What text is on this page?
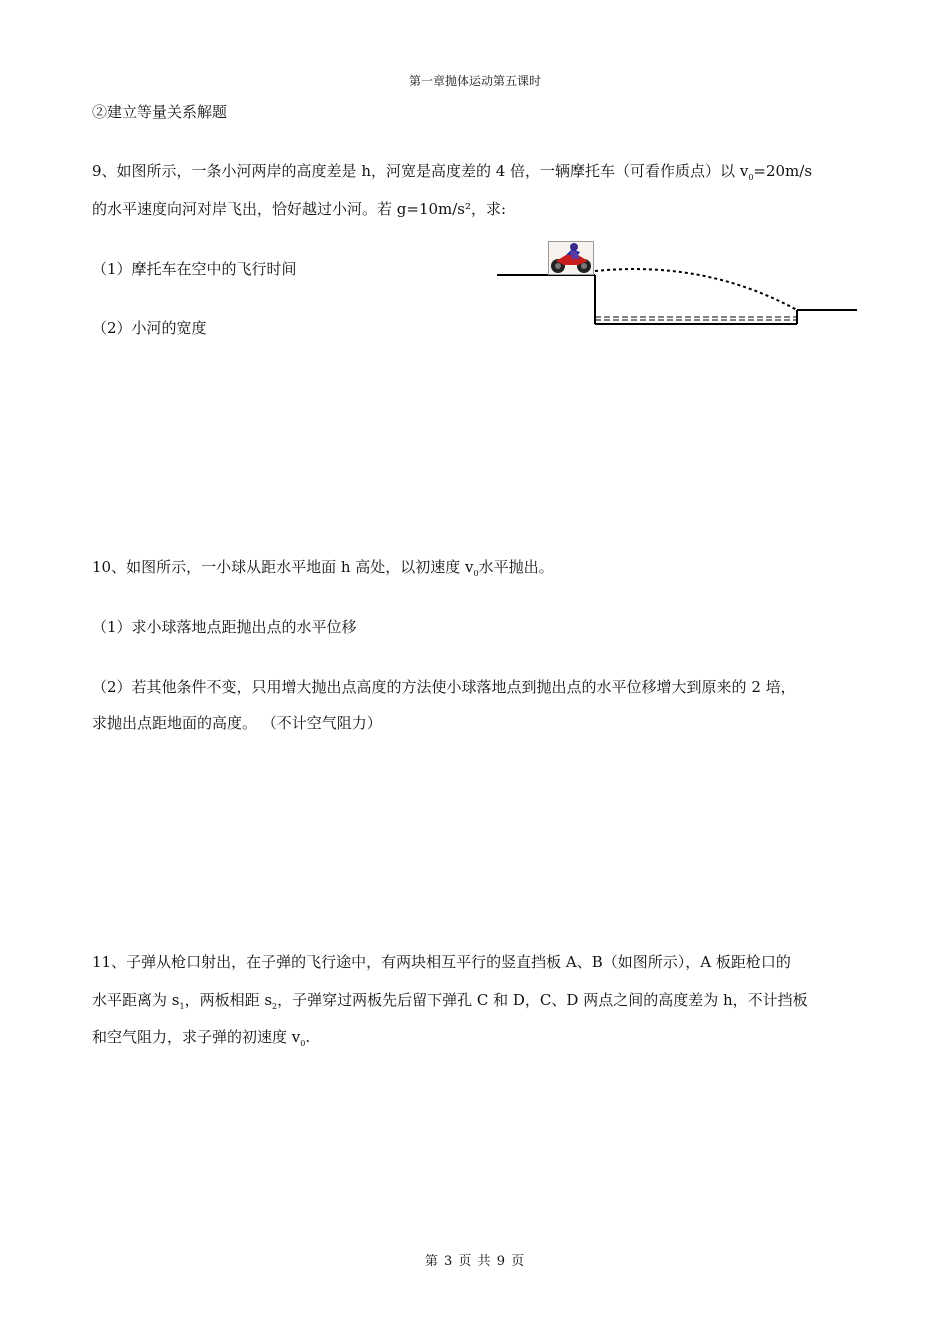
第一章抛体运动第五课时
②建立等量关系解题
9、如图所示，一条小河两岸的高度差是 h，河宽是高度差的 4 倍，一辆摩托车（可看作质点）以 $v_0=20m/s$
的水平速度向河对岸飞出，恰好越过小河。若 g=10m/s²，求:
（1）摩托车在空中的飞行时间
（2）小河的宽度
10、如图所示，一小球从距水平地面 h 高处，以初速度 $v_0$水平抛出。
（1）求小球落地点距抛出点的水平位移
（2）若其他条件不变，只用增大抛出点高度的方法使小球落地点到抛出点的水平位移增大到原来的 2 培，
求抛出点距地面的高度。 （不计空气阻力）
11、子弹从枪口射出，在子弹的飞行途中，有两块相互平行的竖直挡板 A、B（如图所示），A 板距枪口的
水平距离为 $s_1$，两板相距 $s_2$，子弹穿过两板先后留下弹孔 C 和 D，C、D 两点之间的高度差为 h，不计挡板
和空气阻力，求子弹的初速度 $v_0$.
第 3 页 共 9 页
